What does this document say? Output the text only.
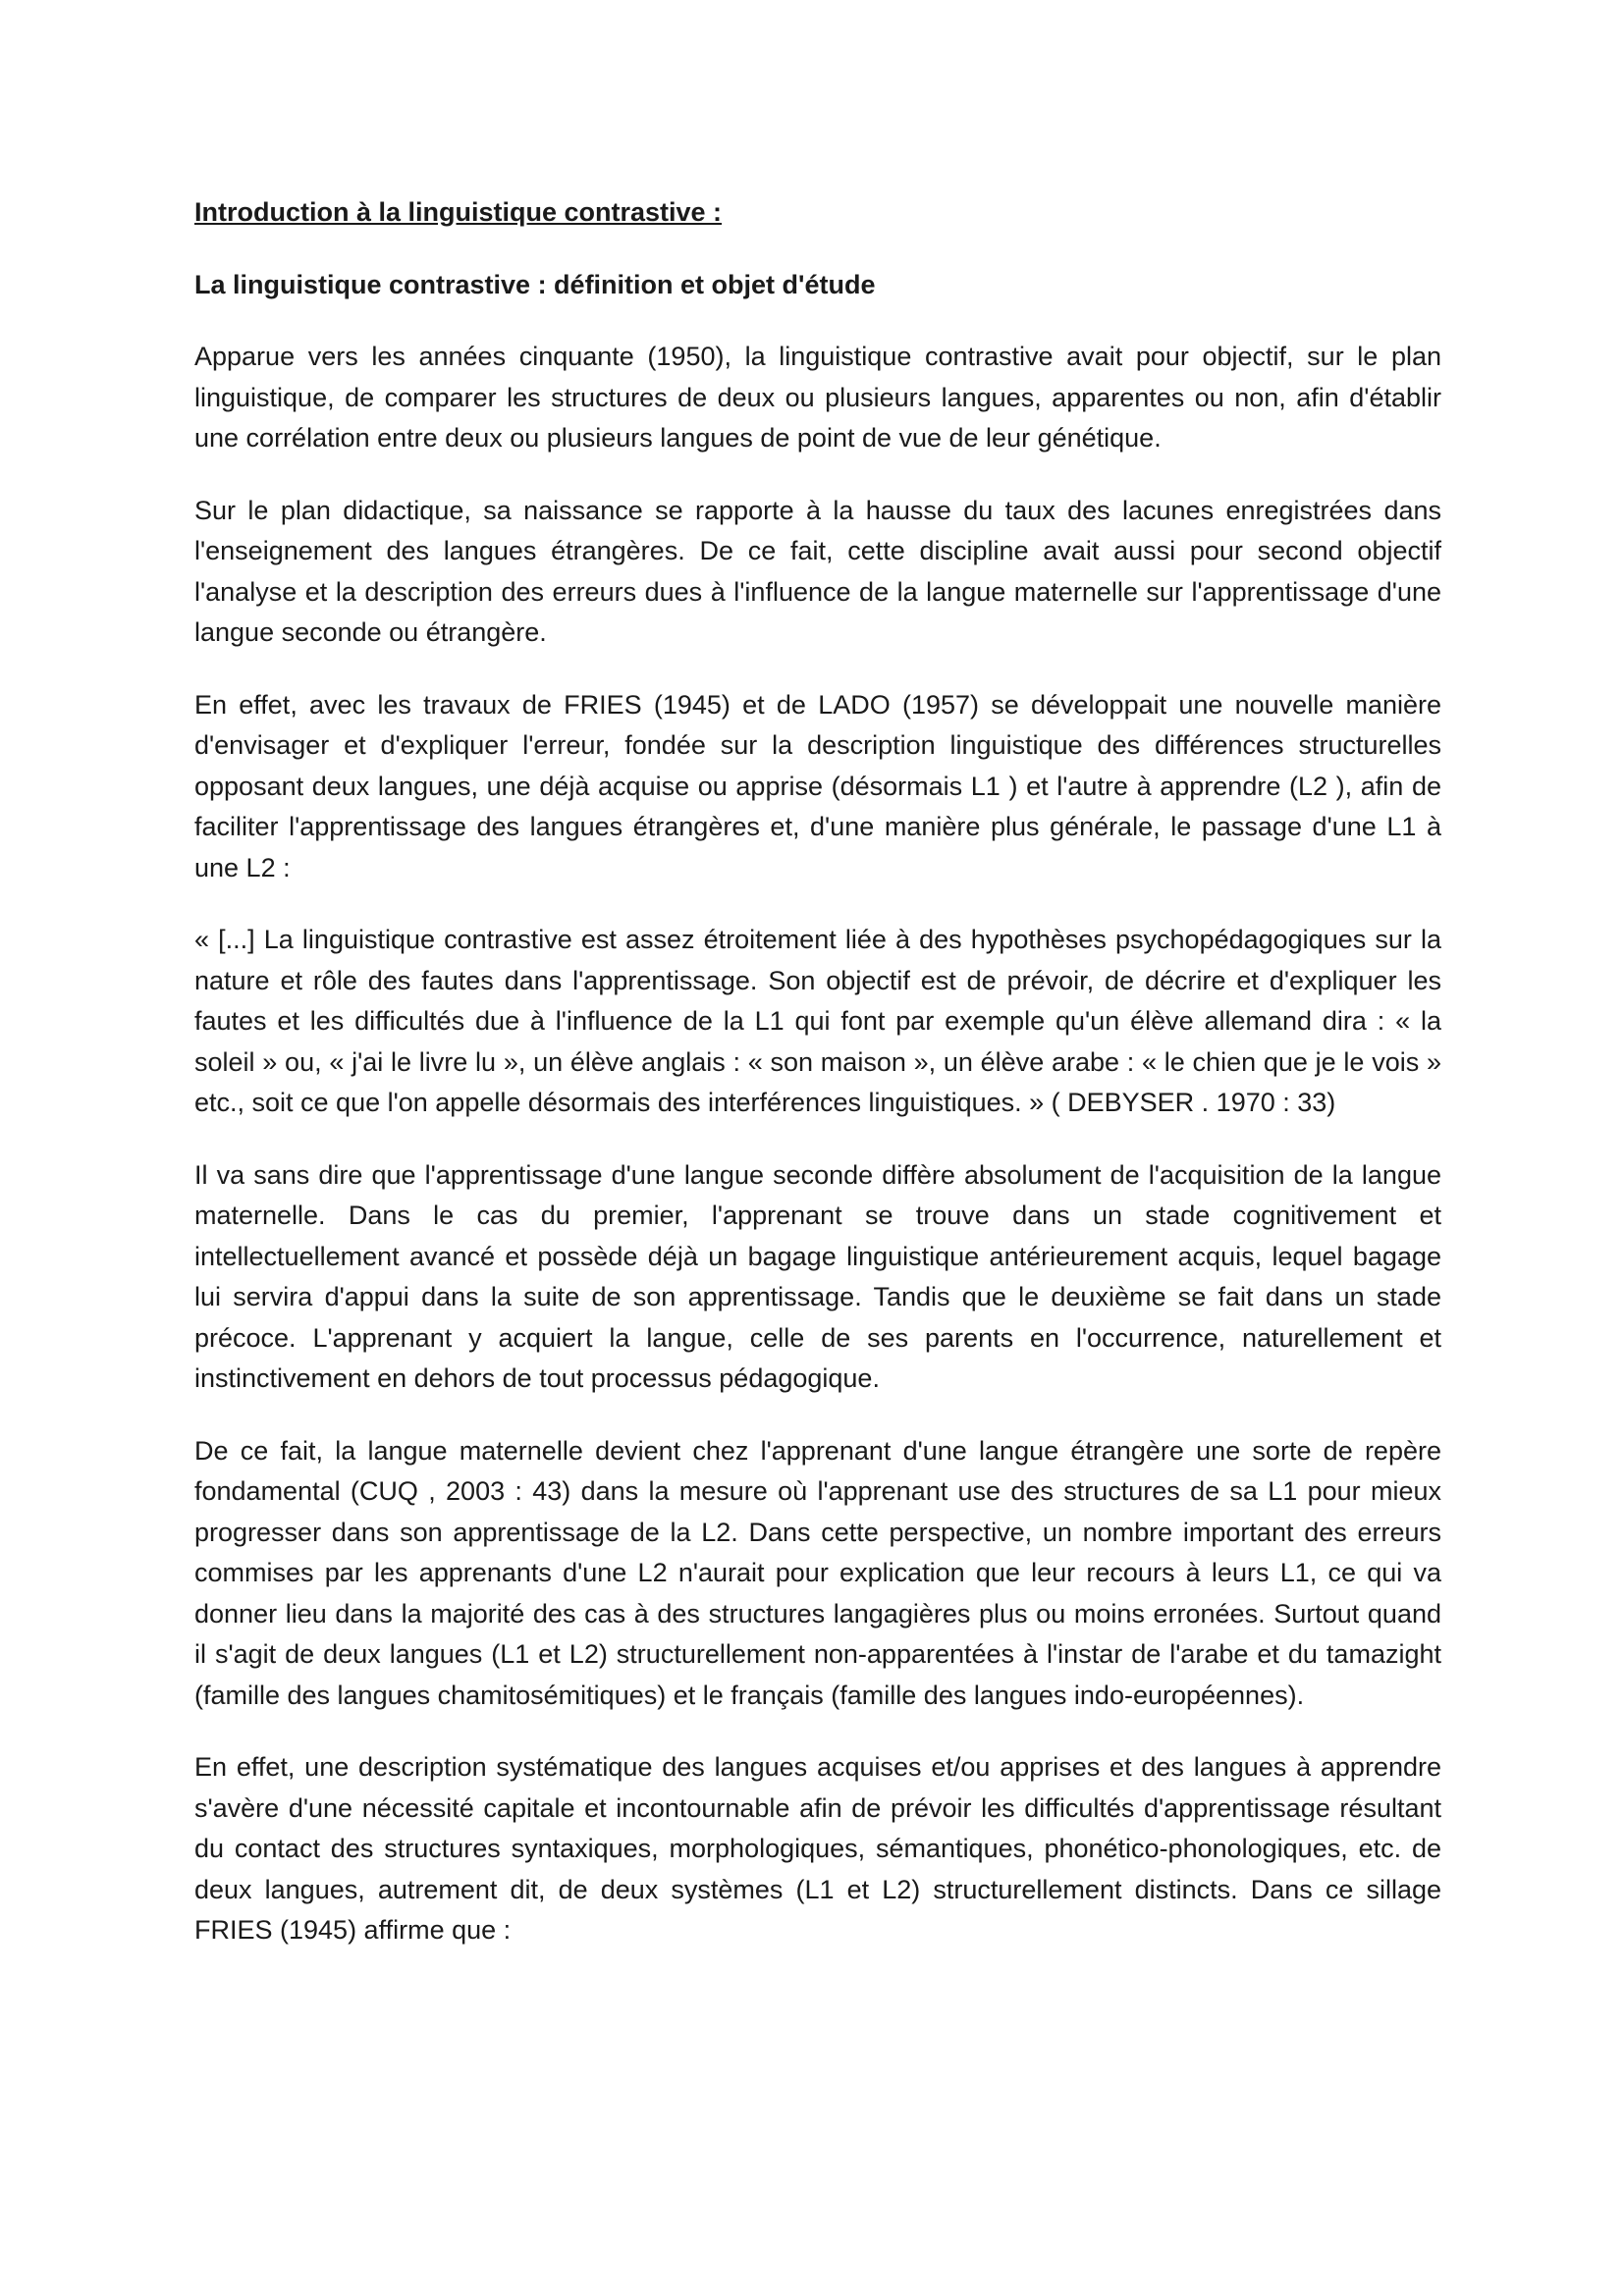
Introduction à la linguistique contrastive :
La linguistique contrastive : définition et objet d'étude

Apparue vers les années cinquante (1950), la linguistique contrastive avait pour objectif, sur le plan linguistique, de comparer les structures de deux ou plusieurs langues, apparentes ou non, afin d'établir une corrélation entre deux ou plusieurs langues de point de vue de leur génétique.

Sur le plan didactique, sa naissance se rapporte à la hausse du taux des lacunes enregistrées dans l'enseignement des langues étrangères. De ce fait, cette discipline avait aussi pour second objectif l'analyse et la description des erreurs dues à l'influence de la langue maternelle sur l'apprentissage d'une langue seconde ou étrangère.

En effet, avec les travaux de FRIES (1945) et de LADO (1957) se développait une nouvelle manière d'envisager et d'expliquer l'erreur, fondée sur la description linguistique des différences structurelles opposant deux langues, une déjà acquise ou apprise (désormais L1 ) et l'autre à apprendre (L2 ), afin de faciliter l'apprentissage des langues étrangères et, d'une manière plus générale, le passage d'une L1 à une L2 :

« [...] La linguistique contrastive est assez étroitement liée à des hypothèses psychopédagogiques sur la nature et rôle des fautes dans l'apprentissage. Son objectif est de prévoir, de décrire et d'expliquer les fautes et les difficultés due à l'influence de la L1 qui font par exemple qu'un élève allemand dira : « la soleil » ou, « j'ai le livre lu », un élève anglais : « son maison », un élève arabe : « le chien que je le vois » etc., soit ce que l'on appelle désormais des interférences linguistiques. » ( DEBYSER . 1970 : 33)

Il va sans dire que l'apprentissage d'une langue seconde diffère absolument de l'acquisition de la langue maternelle. Dans le cas du premier, l'apprenant se trouve dans un stade cognitivement et intellectuellement avancé et possède déjà un bagage linguistique antérieurement acquis, lequel bagage lui servira d'appui dans la suite de son apprentissage. Tandis que le deuxième se fait dans un stade précoce. L'apprenant y acquiert la langue, celle de ses parents en l'occurrence, naturellement et instinctivement en dehors de tout processus pédagogique.

De ce fait, la langue maternelle devient chez l'apprenant d'une langue étrangère une sorte de repère fondamental (CUQ , 2003 : 43) dans la mesure où l'apprenant use des structures de sa L1 pour mieux progresser dans son apprentissage de la L2. Dans cette perspective, un nombre important des erreurs commises par les apprenants d'une L2 n'aurait pour explication que leur recours à leurs L1, ce qui va donner lieu dans la majorité des cas à des structures langagières plus ou moins erronées. Surtout quand il s'agit de deux langues (L1 et L2) structurellement non-apparentées à l'instar de l'arabe et du tamazight (famille des langues chamitosémitiques) et le français (famille des langues indo-européennes).

En effet, une description systématique des langues acquises et/ou apprises et des langues à apprendre s'avère d'une nécessité capitale et incontournable afin de prévoir les difficultés d'apprentissage résultant du contact des structures syntaxiques, morphologiques, sémantiques, phonético-phonologiques, etc. de deux langues, autrement dit, de deux systèmes (L1 et L2) structurellement distincts. Dans ce sillage FRIES (1945) affirme que :
